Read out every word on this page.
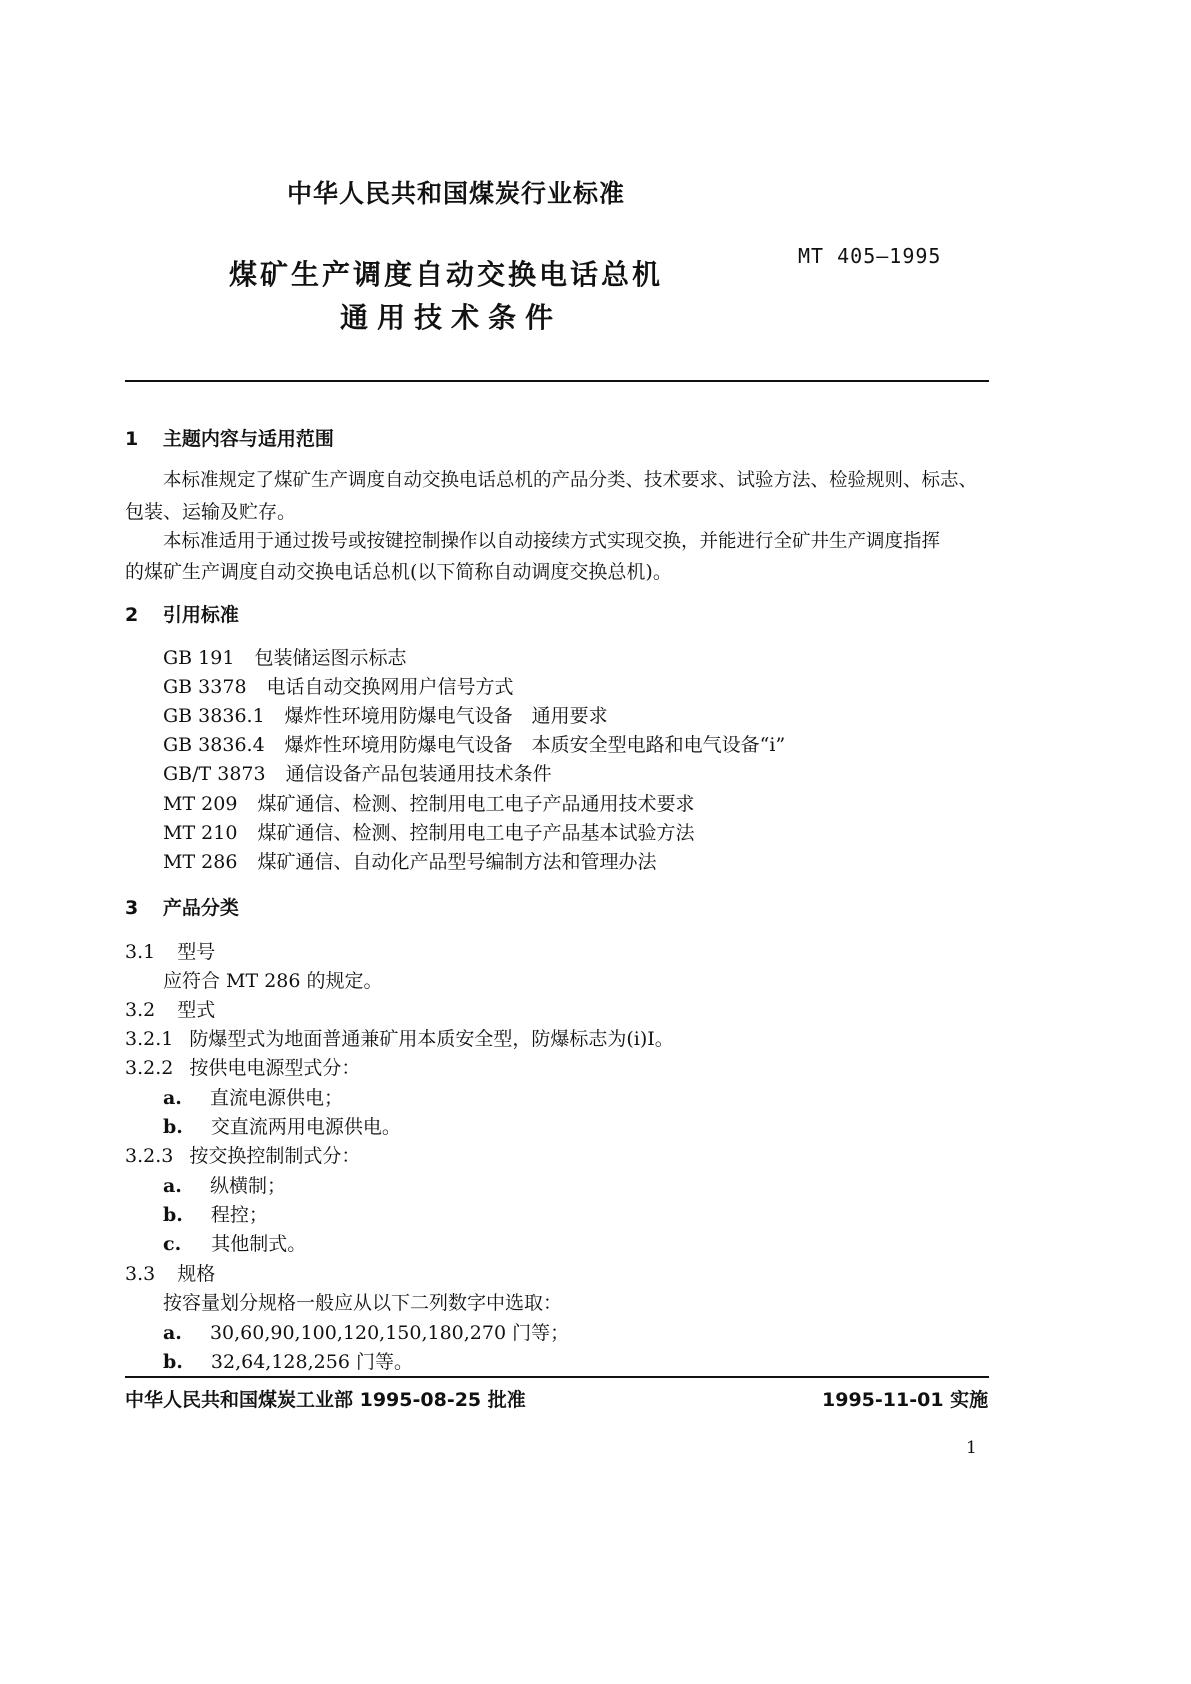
中华人民共和国煤炭行业标准
MT 405—1995
煤矿生产调度自动交换电话总机
通用技术条件
1 主题内容与适用范围
本标准规定了煤矿生产调度自动交换电话总机的产品分类、技术要求、试验方法、检验规则、标志、
包装、运输及贮存。
本标准适用于通过拨号或按键控制操作以自动接续方式实现交换，并能进行全矿井生产调度指挥
的煤矿生产调度自动交换电话总机(以下简称自动调度交换总机)。
2 引用标准
GB 191 包装储运图示标志
GB 3378 电话自动交换网用户信号方式
GB 3836.1 爆炸性环境用防爆电气设备　通用要求
GB 3836.4 爆炸性环境用防爆电气设备　本质安全型电路和电气设备“i”
GB/T 3873 通信设备产品包装通用技术条件
MT 209 煤矿通信、检测、控制用电工电子产品通用技术要求
MT 210 煤矿通信、检测、控制用电工电子产品基本试验方法
MT 286 煤矿通信、自动化产品型号编制方法和管理办法
3 产品分类
3.1 型号
应符合 MT 286 的规定。
3.2 型式
3.2.1 防爆型式为地面普通兼矿用本质安全型，防爆标志为(i)I。
3.2.2 按供电电源型式分：
a. 直流电源供电；
b. 交直流两用电源供电。
3.2.3 按交换控制制式分：
a. 纵横制；
b. 程控；
c. 其他制式。
3.3 规格
按容量划分规格一般应从以下二列数字中选取：
a. 30,60,90,100,120,150,180,270 门等；
b. 32,64,128,256 门等。
中华人民共和国煤炭工业部 1995-08-25 批准	1995-11-01 实施
1
